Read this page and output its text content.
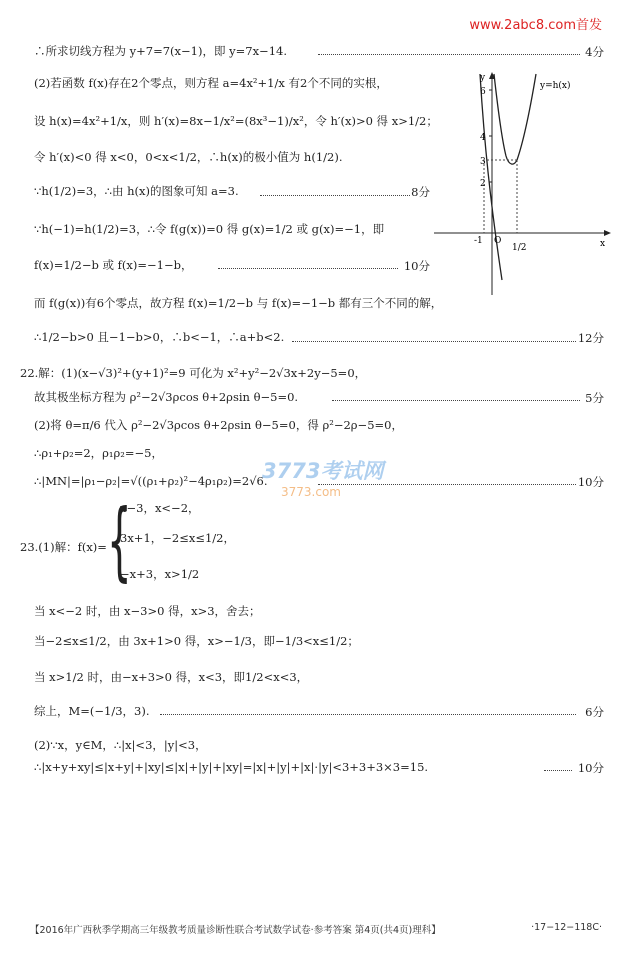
www.2abc8.com首发
∴所求切线方程为 y+7=7(x−1)，即 y=7x−14.	4分
(2)若函数 f(x)存在2个零点，则方程 a=4x²+1/x 有2个不同的实根，
设 h(x)=4x²+1/x，则 h′(x)=8x−1/x²=(8x³−1)/x²，令 h′(x)>0 得 x>1/2；
令 h′(x)<0 得 x<0，0<x<1/2，∴h(x)的极小值为 h(1/2).
∵h(1/2)=3，∴由 h(x)的图象可知 a=3.	8分
∵h(−1)=h(1/2)=3，∴令 f(g(x))=0 得 g(x)=1/2 或 g(x)=−1，即
f(x)=1/2−b 或 f(x)=−1−b，	10分
而 f(g(x))有6个零点，故方程 f(x)=1/2−b 与 f(x)=−1−b 都有三个不同的解，
∴1/2−b>0 且−1−b>0，∴b<−1，∴a+b<2.	12分
22.解：(1)(x−√3)²+(y+1)²=9 可化为 x²+y²−2√3x+2y−5=0，
故其极坐标方程为 ρ²−2√3ρcos θ+2ρsin θ−5=0.	5分
(2)将 θ=π/6 代入 ρ²−2√3ρcos θ+2ρsin θ−5=0，得 ρ²−2ρ−5=0，
∴ρ₁+ρ₂=2，ρ₁ρ₂=−5，
∴|MN|=|ρ₁−ρ₂|=√((ρ₁+ρ₂)²−4ρ₁ρ₂)=2√6.	10分
3773考试网
3773.com
23.(1)解：f(x)= {
x−3，x<−2，
3x+1，−2≤x≤1/2，
−x+3，x>1/2
当 x<−2 时，由 x−3>0 得，x>3，舍去；
当−2≤x≤1/2，由 3x+1>0 得，x>−1/3，即−1/3<x≤1/2；
当 x>1/2 时，由−x+3>0 得，x<3，即1/2<x<3，
综上，M=(−1/3，3).	6分
(2)∵x，y∈M，∴|x|<3，|y|<3，
∴|x+y+xy|≤|x+y|+|xy|≤|x|+|y|+|xy|=|x|+|y|+|x|·|y|<3+3+3×3=15.	10分
y=h(x)
y
x
O
6
4
3
2
-1
1/2
【2016年广西秋季学期高三年级教考质量诊断性联合考试数学试卷·参考答案 第4页(共4页)理科】	·17−12−118C·
